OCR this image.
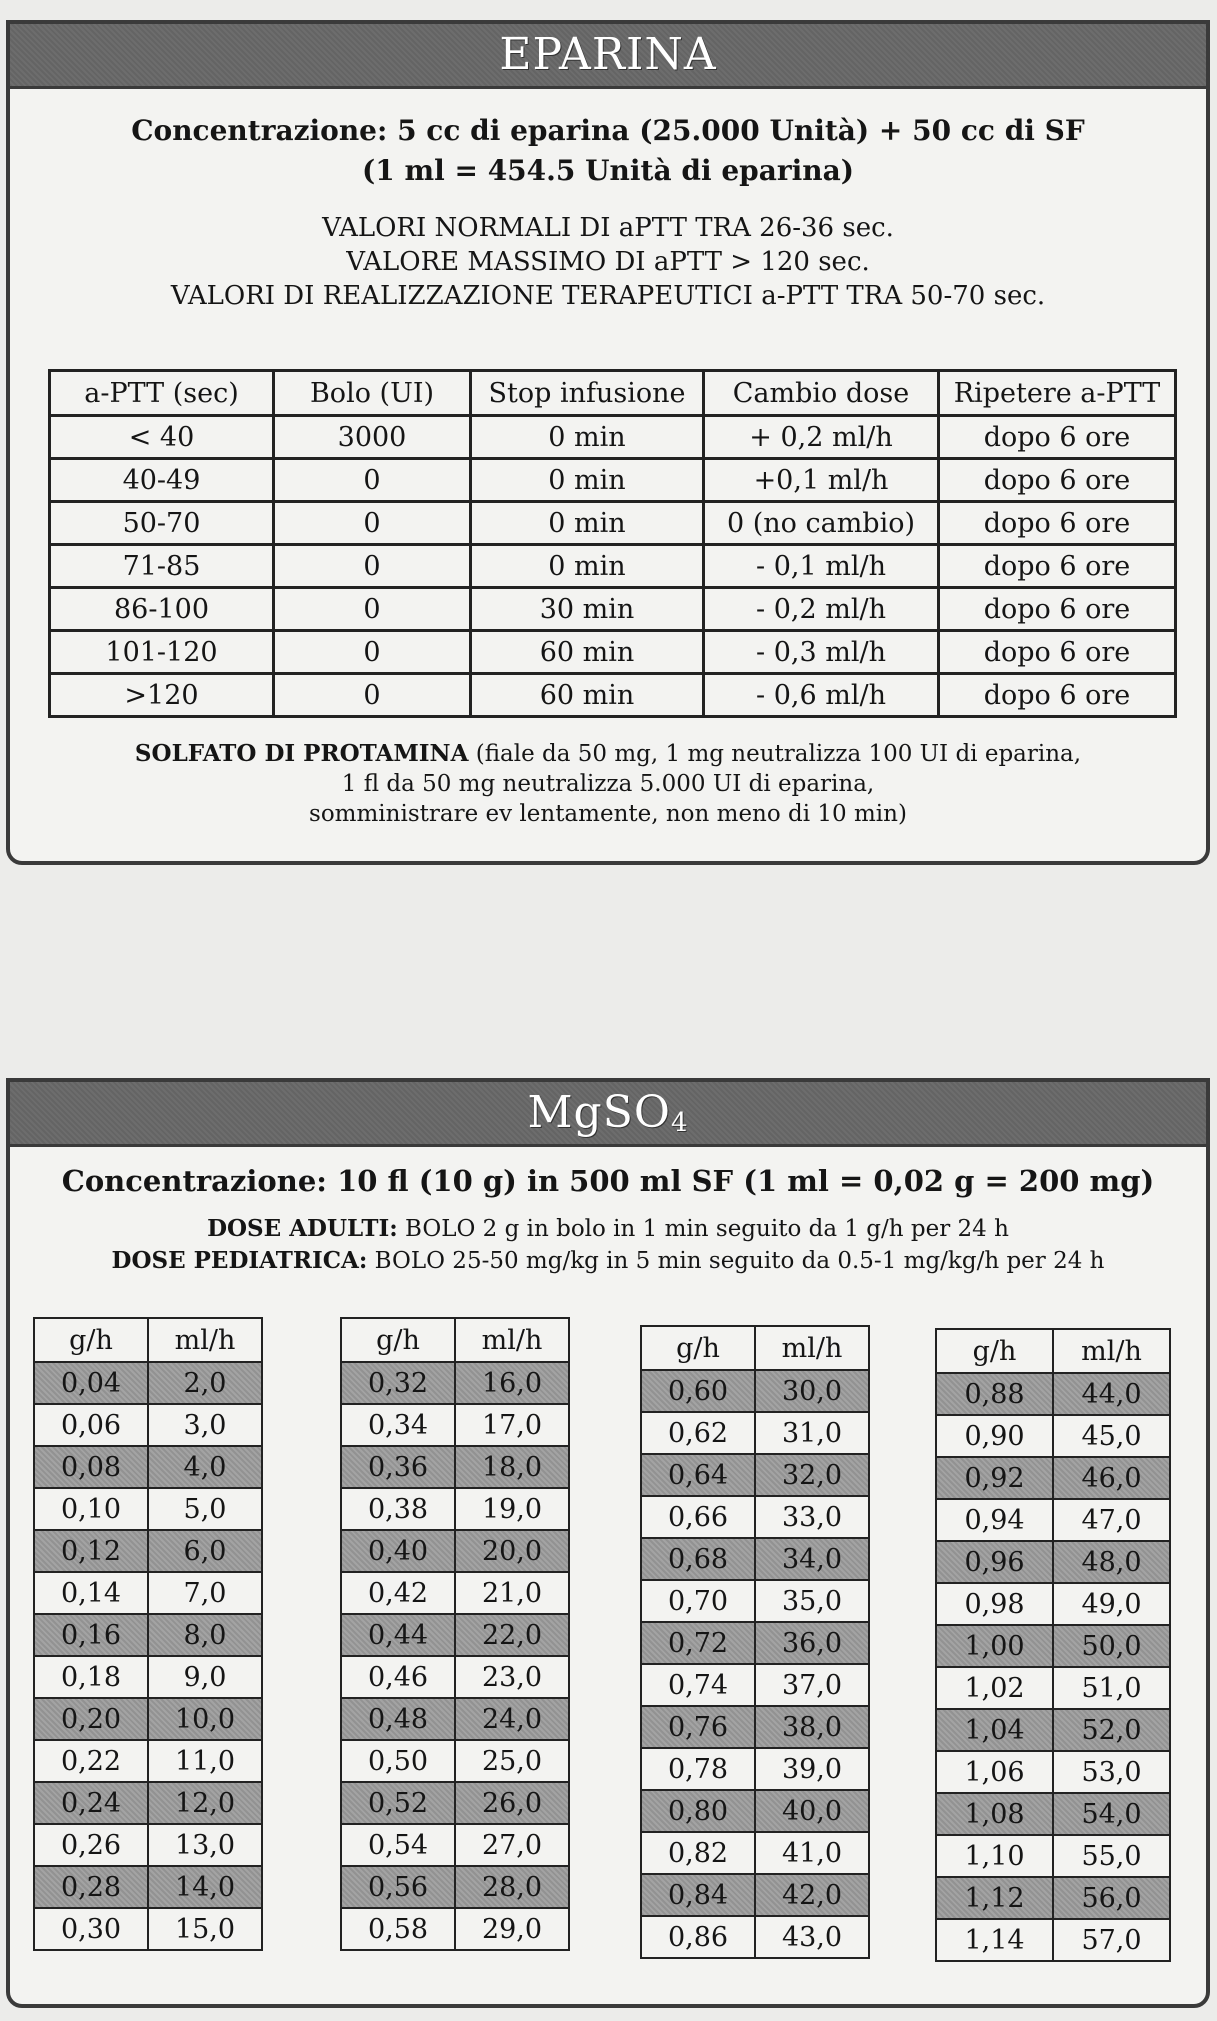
EPARINA
Concentrazione: 5 cc di eparina (25.000 Unità) + 50 cc di SF
(1 ml = 454.5 Unità di eparina)
VALORI NORMALI DI aPTT TRA 26-36 sec.
VALORE MASSIMO DI aPTT > 120 sec.
VALORI DI REALIZZAZIONE TERAPEUTICI a-PTT TRA 50-70 sec.
a-PTT (sec)	Bolo (UI)	Stop infusione	Cambio dose	Ripetere a-PTT
< 40	3000	0 min	+ 0,2 ml/h	dopo 6 ore
40-49	0	0 min	+0,1 ml/h	dopo 6 ore
50-70	0	0 min	0 (no cambio)	dopo 6 ore
71-85	0	0 min	- 0,1 ml/h	dopo 6 ore
86-100	0	30 min	- 0,2 ml/h	dopo 6 ore
101-120	0	60 min	- 0,3 ml/h	dopo 6 ore
>120	0	60 min	- 0,6 ml/h	dopo 6 ore
SOLFATO DI PROTAMINA (fiale da 50 mg, 1 mg neutralizza 100 UI di eparina,
1 fl da 50 mg neutralizza 5.000 UI di eparina,
somministrare ev lentamente, non meno di 10 min)
MgSO$_4$
Concentrazione: 10 fl (10 g) in 500 ml SF (1 ml = 0,02 g = 200 mg)
DOSE ADULTI: BOLO 2 g in bolo in 1 min seguito da 1 g/h per 24 h
DOSE PEDIATRICA: BOLO 25-50 mg/kg in 5 min seguito da 0.5-1 mg/kg/h per 24 h
g/h	ml/h
0,04	2,0
0,06	3,0
0,08	4,0
0,10	5,0
0,12	6,0
0,14	7,0
0,16	8,0
0,18	9,0
0,20	10,0
0,22	11,0
0,24	12,0
0,26	13,0
0,28	14,0
0,30	15,0
g/h	ml/h
0,32	16,0
0,34	17,0
0,36	18,0
0,38	19,0
0,40	20,0
0,42	21,0
0,44	22,0
0,46	23,0
0,48	24,0
0,50	25,0
0,52	26,0
0,54	27,0
0,56	28,0
0,58	29,0
g/h	ml/h
0,60	30,0
0,62	31,0
0,64	32,0
0,66	33,0
0,68	34,0
0,70	35,0
0,72	36,0
0,74	37,0
0,76	38,0
0,78	39,0
0,80	40,0
0,82	41,0
0,84	42,0
0,86	43,0
g/h	ml/h
0,88	44,0
0,90	45,0
0,92	46,0
0,94	47,0
0,96	48,0
0,98	49,0
1,00	50,0
1,02	51,0
1,04	52,0
1,06	53,0
1,08	54,0
1,10	55,0
1,12	56,0
1,14	57,0
